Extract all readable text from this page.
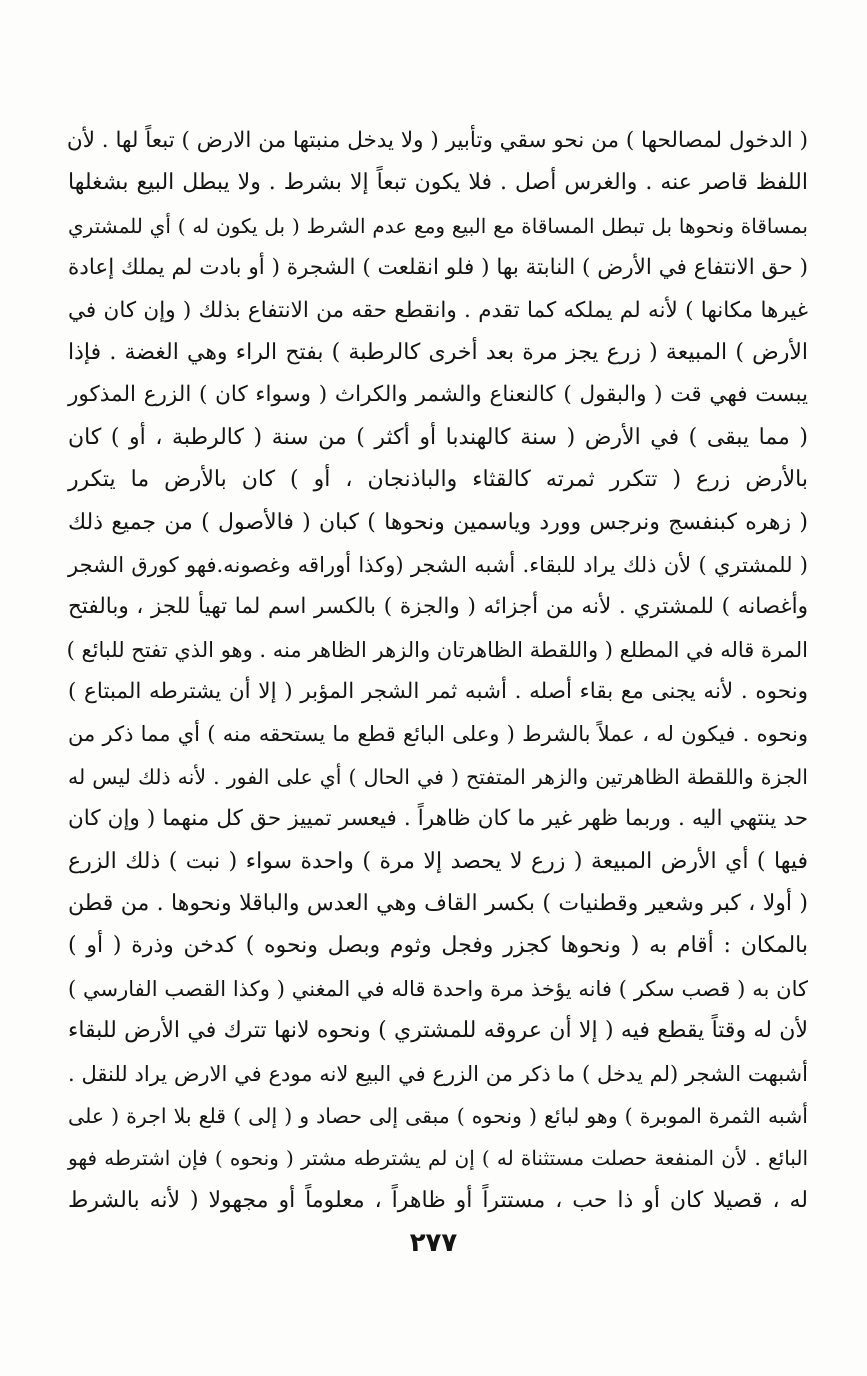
( الدخول لمصالحها ) من نحو سقي وتأبير ( ولا يدخل منبتها من الارض ) تبعاً لها . لأن
اللفظ قاصر عنه . والغرس أصل . فلا يكون تبعاً إلا بشرط . ولا يبطل البيع بشغلها
بمساقاة ونحوها بل تبطل المساقاة مع البيع ومع عدم الشرط ( بل يكون له ) أي للمشتري
( حق الانتفاع في الأرض ) النابتة بها ( فلو انقلعت ) الشجرة ( أو بادت لم يملك إعادة
غيرها مكانها ) لأنه لم يملكه كما تقدم . وانقطع حقه من الانتفاع بذلك ( وإن كان في
الأرض ) المبيعة ( زرع يجز مرة بعد أخرى كالرطبة ) بفتح الراء وهي الغضة . فإذا
يبست فهي قت ( والبقول ) كالنعناع والشمر والكراث ( وسواء كان ) الزرع المذكور
( مما يبقى ) في الأرض ( سنة كالهندبا أو أكثر ) من سنة ( كالرطبة ، أو ) كان
بالأرض زرع ( تتكرر ثمرته كالقثاء والباذنجان ، أو ) كان بالأرض ما يتكرر
( زهره كبنفسج ونرجس وورد وياسمين ونحوها ) كبان ( فالأصول ) من جميع ذلك
( للمشتري ) لأن ذلك يراد للبقاء. أشبه الشجر (وكذا أوراقه وغصونه.فهو كورق الشجر
وأغصانه ) للمشتري . لأنه من أجزائه ( والجزة ) بالكسر اسم لما تهيأ للجز ، وبالفتح
المرة قاله في المطلع ( واللقطة الظاهرتان والزهر الظاهر منه . وهو الذي تفتح للبائع )
ونحوه . لأنه يجنى مع بقاء أصله . أشبه ثمر الشجر المؤبر ( إلا أن يشترطه المبتاع )
ونحوه . فيكون له ، عملاً بالشرط ( وعلى البائع قطع ما يستحقه منه ) أي مما ذكر من
الجزة واللقطة الظاهرتين والزهر المتفتح ( في الحال ) أي على الفور . لأنه ذلك ليس له
حد ينتهي اليه . وربما ظهر غير ما كان ظاهراً . فيعسر تمييز حق كل منهما ( وإن كان
فيها ) أي الأرض المبيعة ( زرع لا يحصد إلا مرة ) واحدة سواء ( نبت ) ذلك الزرع
( أولا ، كبر وشعير وقطنيات ) بكسر القاف وهي العدس والباقلا ونحوها . من قطن
بالمكان : أقام به ( ونحوها كجزر وفجل وثوم وبصل ونحوه ) كدخن وذرة ( أو )
كان به ( قصب سكر ) فانه يؤخذ مرة واحدة قاله في المغني ( وكذا القصب الفارسي )
لأن له وقتاً يقطع فيه ( إلا أن عروقه للمشتري ) ونحوه لانها تترك في الأرض للبقاء
أشبهت الشجر (لم يدخل ) ما ذكر من الزرع في البيع لانه مودع في الارض يراد للنقل .
أشبه الثمرة الموبرة ) وهو لبائع ( ونحوه ) مبقى إلى حصاد و ( إلى ) قلع بلا اجرة ( على
البائع . لأن المنفعة حصلت مستثناة له ) إن لم يشترطه مشتر ( ونحوه ) فإن اشترطه فهو
له ، قصيلا كان أو ذا حب ، مستتراً أو ظاهراً ، معلوماً أو مجهولا ( لأنه بالشرط
٢٧٧
